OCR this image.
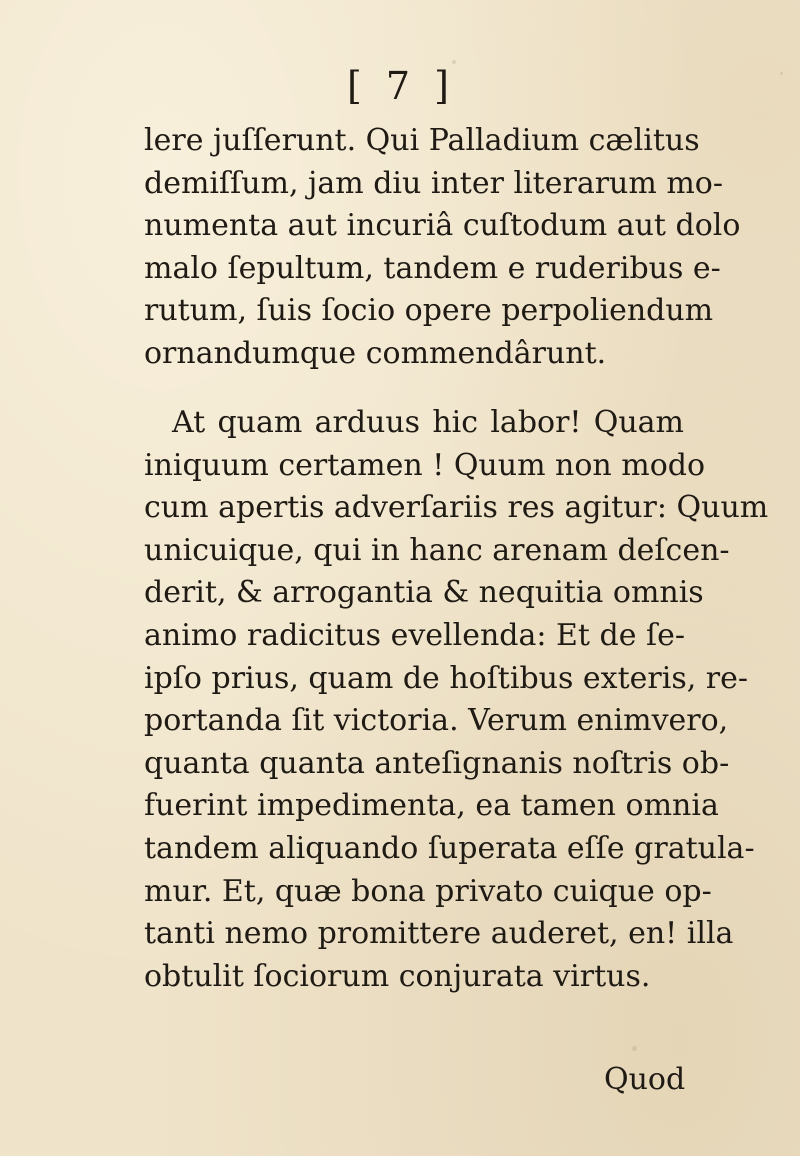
[ 7 ]
lere juſſerunt. Qui Palladium cælitus
demiſſum, jam diu inter literarum mo-
numenta aut incuriâ cuſtodum aut dolo
malo ſepultum, tandem e ruderibus e-
rutum, ſuis ſocio opere perpoliendum
ornandumque commendârunt.
At quam arduus hic labor! Quam
iniquum certamen ! Quum non modo
cum apertis adverſariis res agitur: Quum
unicuique, qui in hanc arenam deſcen-
derit, & arrogantia & nequitia omnis
animo radicitus evellenda: Et de ſe-
ipſo prius, quam de hoſtibus exteris, re-
portanda ſit victoria. Verum enimvero,
quanta quanta anteſignanis noſtris ob-
fuerint impedimenta, ea tamen omnia
tandem aliquando ſuperata eſſe gratula-
mur. Et, quæ bona privato cuique op-
tanti nemo promittere auderet, en! illa
obtulit ſociorum conjurata virtus.
Quod
